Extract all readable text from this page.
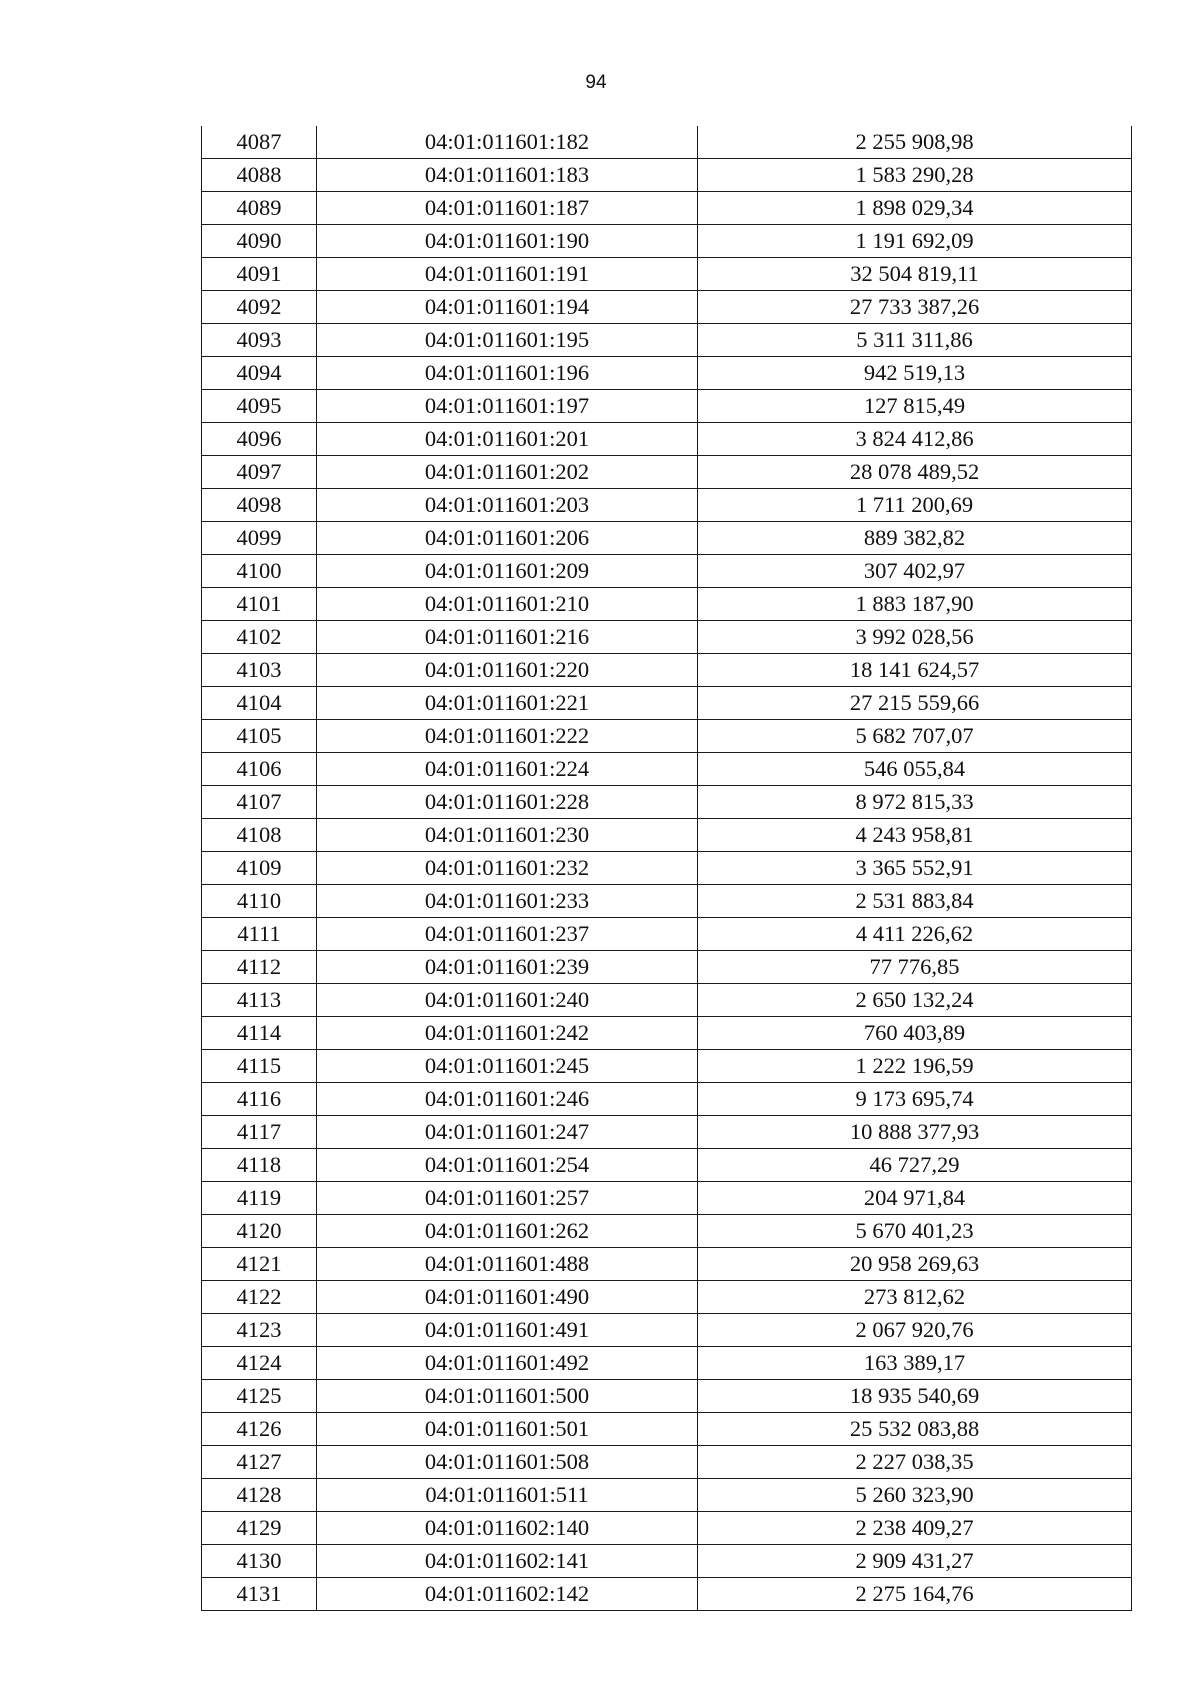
94
4087	04:01:011601:182	2 255 908,98
4088	04:01:011601:183	1 583 290,28
4089	04:01:011601:187	1 898 029,34
4090	04:01:011601:190	1 191 692,09
4091	04:01:011601:191	32 504 819,11
4092	04:01:011601:194	27 733 387,26
4093	04:01:011601:195	5 311 311,86
4094	04:01:011601:196	942 519,13
4095	04:01:011601:197	127 815,49
4096	04:01:011601:201	3 824 412,86
4097	04:01:011601:202	28 078 489,52
4098	04:01:011601:203	1 711 200,69
4099	04:01:011601:206	889 382,82
4100	04:01:011601:209	307 402,97
4101	04:01:011601:210	1 883 187,90
4102	04:01:011601:216	3 992 028,56
4103	04:01:011601:220	18 141 624,57
4104	04:01:011601:221	27 215 559,66
4105	04:01:011601:222	5 682 707,07
4106	04:01:011601:224	546 055,84
4107	04:01:011601:228	8 972 815,33
4108	04:01:011601:230	4 243 958,81
4109	04:01:011601:232	3 365 552,91
4110	04:01:011601:233	2 531 883,84
4111	04:01:011601:237	4 411 226,62
4112	04:01:011601:239	77 776,85
4113	04:01:011601:240	2 650 132,24
4114	04:01:011601:242	760 403,89
4115	04:01:011601:245	1 222 196,59
4116	04:01:011601:246	9 173 695,74
4117	04:01:011601:247	10 888 377,93
4118	04:01:011601:254	46 727,29
4119	04:01:011601:257	204 971,84
4120	04:01:011601:262	5 670 401,23
4121	04:01:011601:488	20 958 269,63
4122	04:01:011601:490	273 812,62
4123	04:01:011601:491	2 067 920,76
4124	04:01:011601:492	163 389,17
4125	04:01:011601:500	18 935 540,69
4126	04:01:011601:501	25 532 083,88
4127	04:01:011601:508	2 227 038,35
4128	04:01:011601:511	5 260 323,90
4129	04:01:011602:140	2 238 409,27
4130	04:01:011602:141	2 909 431,27
4131	04:01:011602:142	2 275 164,76
